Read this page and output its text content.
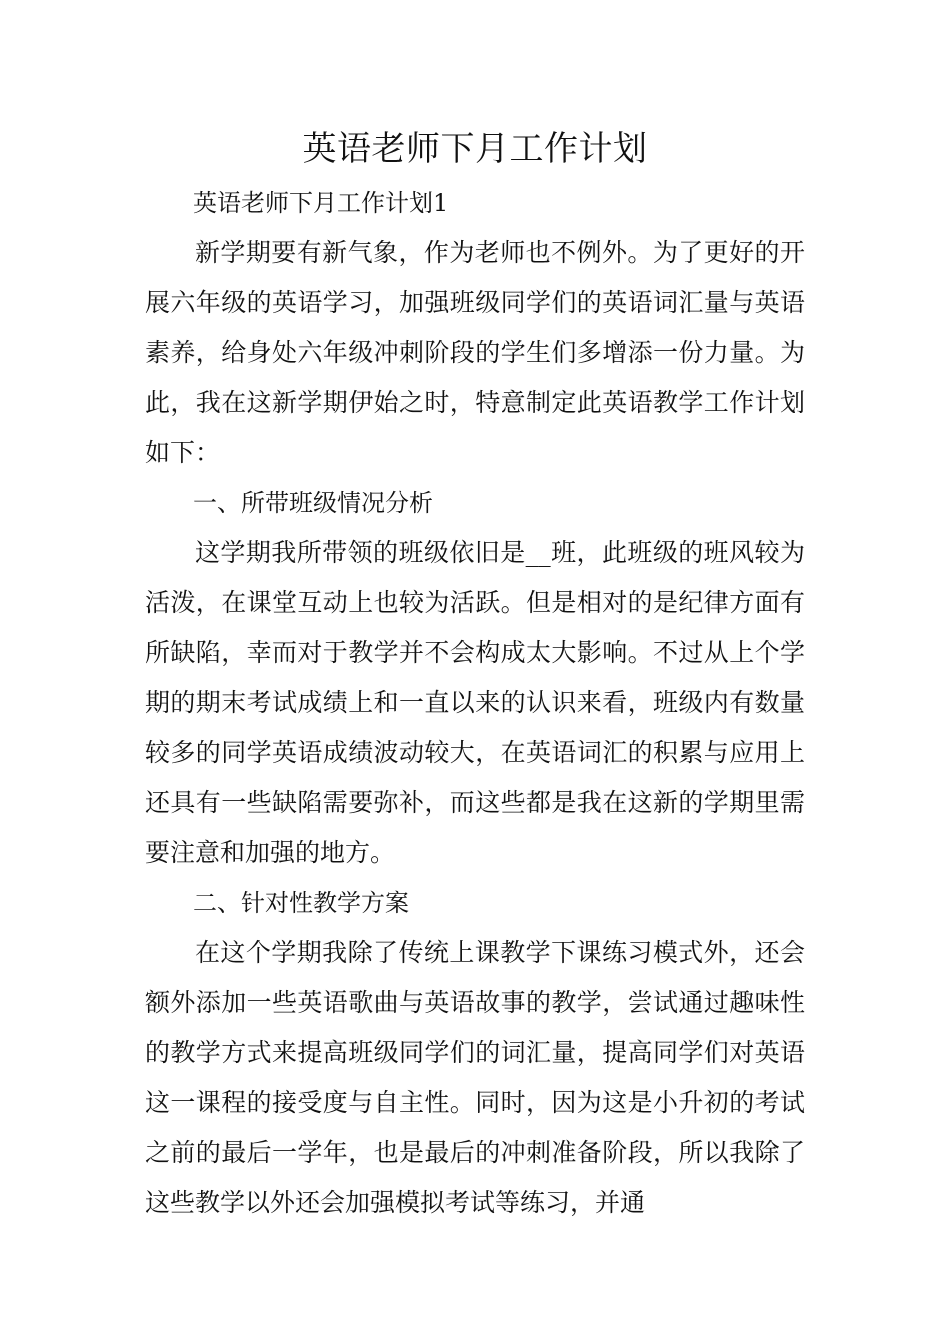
英语老师下月工作计划

英语老师下月工作计划1

新学期要有新气象，作为老师也不例外。为了更好的开展六年级的英语学习，加强班级同学们的英语词汇量与英语素养，给身处六年级冲刺阶段的学生们多增添一份力量。为此，我在这新学期伊始之时，特意制定此英语教学工作计划如下：

一、所带班级情况分析

这学期我所带领的班级依旧是__班，此班级的班风较为活泼，在课堂互动上也较为活跃。但是相对的是纪律方面有所缺陷，幸而对于教学并不会构成太大影响。不过从上个学期的期末考试成绩上和一直以来的认识来看，班级内有数量较多的同学英语成绩波动较大，在英语词汇的积累与应用上还具有一些缺陷需要弥补，而这些都是我在这新的学期里需要注意和加强的地方。

二、针对性教学方案

在这个学期我除了传统上课教学下课练习模式外，还会额外添加一些英语歌曲与英语故事的教学，尝试通过趣味性的教学方式来提高班级同学们的词汇量，提高同学们对英语这一课程的接受度与自主性。同时，因为这是小升初的考试之前的最后一学年，也是最后的冲刺准备阶段，所以我除了这些教学以外还会加强模拟考试等练习，并通
